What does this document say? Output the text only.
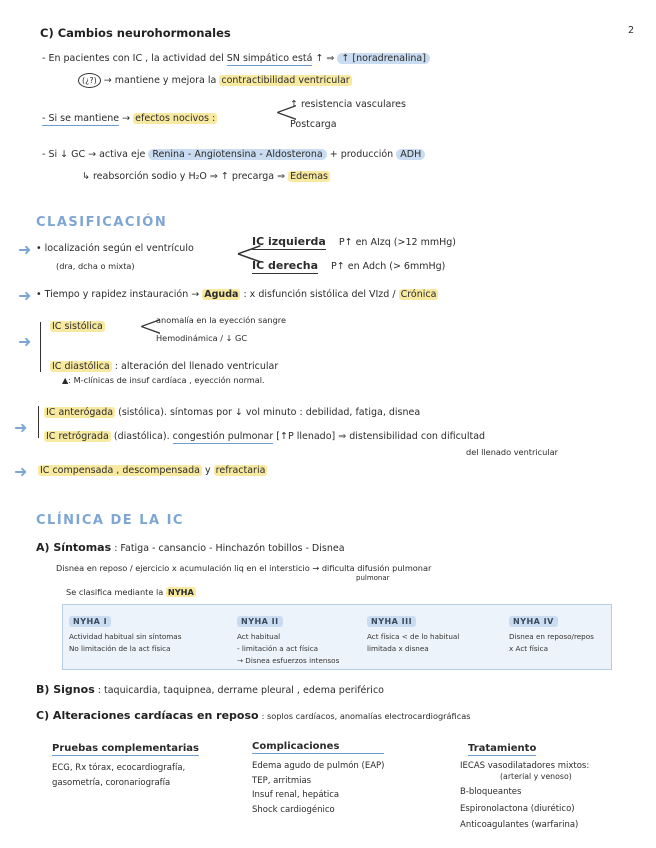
2
C) Cambios neurohormonales
- En pacientes con IC , la actividad del SN simpático está ↑ ⇒ ↑ [noradrenalina]
(¿?) → mantiene y mejora la contractibilidad ventricular
- Si se mantiene → efectos nocivos : <
↑ resistencia vasculares
Postcarga
- Si ↓ GC → activa eje Renina - Angiotensina - Aldosterona + producción ADH
↳ reabsorción sodio y H₂O ⇒ ↑ precarga ⇒ Edemas
CLASIFICACIÓN
➜ • localización según el ventrículo
(dra, dcha o mixta)	<
IC izquierda P↑ en AIzq (>12 mmHg)
IC derecha P↑ en Adch (> 6mmHg)
➜ • Tiempo y rapidez instauración → Aguda : x disfunción sistólica del VIzd / Crónica
➜
IC sistólica <
anomalía en la eyección sangre
Hemodinámica / ↓ GC
IC diastólica : alteración del llenado ventricular
▲: M-clínicas de insuf cardíaca , eyección normal.
➜
IC anterógada (sistólica). síntomas por ↓ vol minuto : debilidad, fatiga, disnea
IC retrógrada (diastólica). congestión pulmonar [↑P llenado] ⇒ distensibilidad con dificultad
del llenado ventricular
➜ IC compensada , descompensada y refractaria
CLÍNICA DE LA IC
A) Síntomas : Fatiga - cansancio - Hinchazón tobillos - Disnea
Disnea en reposo / ejercicio x acumulación liq en el intersticio → dificulta difusión pulmonar
pulmonar
Se clasifica mediante la NYHA
NYHA I
Actividad habitual sin síntomas
No limitación de la act física
NYHA II
Act habitual
- limitación a act física
→ Disnea esfuerzos intensos
NYHA III
Act física < de lo habitual
limitada x disnea
NYHA IV
Disnea en reposo/repos
x Act física
B) Signos : taquicardia, taquipnea, derrame pleural , edema periférico
C) Alteraciones cardíacas en reposo : soplos cardíacos, anomalías electrocardiográficas
Pruebas complementarias
ECG, Rx tórax, ecocardiografía,
gasometría, coronariografía
Complicaciones
Edema agudo de pulmón (EAP)
TEP, arritmias
Insuf renal, hepática
Shock cardiogénico
Tratamiento
IECAS vasodilatadores mixtos:
(arterial y venoso)
B-bloqueantes
Espironolactona (diurético)
Anticoagulantes (warfarina)
